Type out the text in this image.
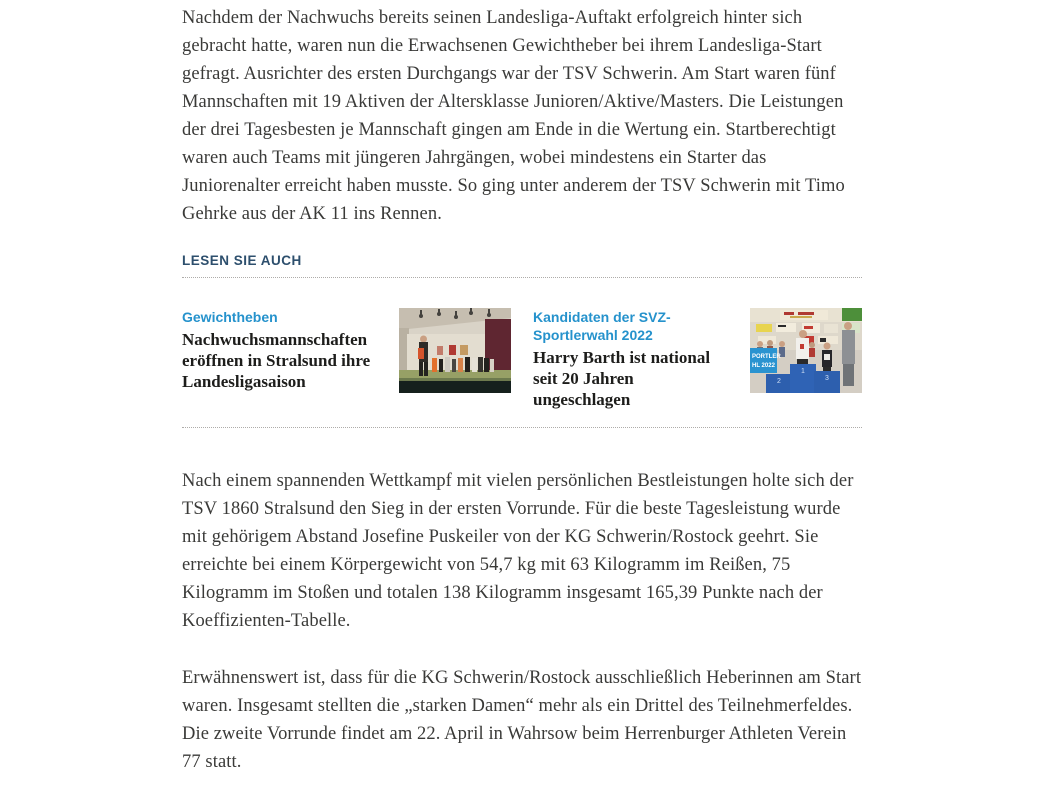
Nachdem der Nachwuchs bereits seinen Landesliga-Auftakt erfolgreich hinter sich gebracht hatte, waren nun die Erwachsenen Gewichtheber bei ihrem Landesliga-Start gefragt. Ausrichter des ersten Durchgangs war der TSV Schwerin. Am Start waren fünf Mannschaften mit 19 Aktiven der Altersklasse Junioren/Aktive/Masters. Die Leistungen der drei Tagesbesten je Mannschaft gingen am Ende in die Wertung ein. Startberechtigt waren auch Teams mit jüngeren Jahrgängen, wobei mindestens ein Starter das Juniorenalter erreicht haben musste. So ging unter anderem der TSV Schwerin mit Timo Gehrke aus der AK 11 ins Rennen.

LESEN SIE AUCH
Gewichtheben
Nachwuchsmannschaften eröffnen in Stralsund ihre Landesligasaison
Kandidaten der SVZ-Sportlerwahl 2022
Harry Barth ist national seit 20 Jahren ungeschlagen
PORTLER
HL 2022
2
1
3

Nach einem spannenden Wettkampf mit vielen persönlichen Bestleistungen holte sich der TSV 1860 Stralsund den Sieg in der ersten Vorrunde. Für die beste Tagesleistung wurde mit gehörigem Abstand Josefine Puskeiler von der KG Schwerin/Rostock geehrt. Sie erreichte bei einem Körpergewicht von 54,7 kg mit 63 Kilogramm im Reißen, 75 Kilogramm im Stoßen und totalen 138 Kilogramm insgesamt 165,39 Punkte nach der Koeffizienten-Tabelle.

Erwähnenswert ist, dass für die KG Schwerin/Rostock ausschließlich Heberinnen am Start waren. Insgesamt stellten die „starken Damen“ mehr als ein Drittel des Teilnehmerfeldes. Die zweite Vorrunde findet am 22. April in Wahrsow beim Herrenburger Athleten Verein 77 statt.
